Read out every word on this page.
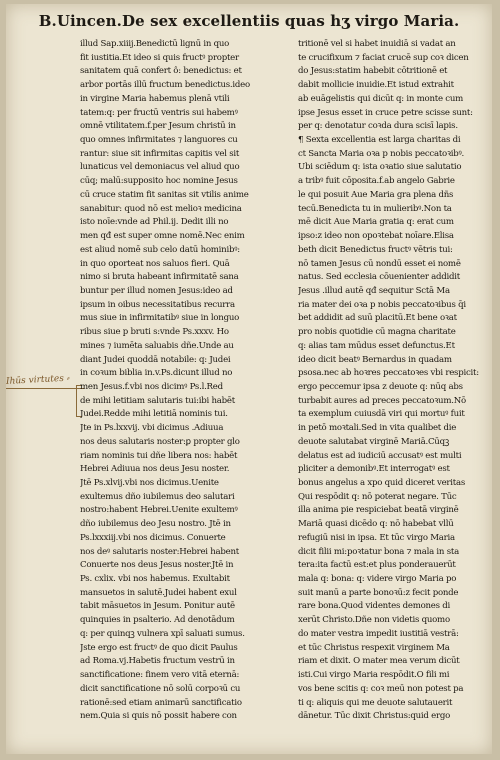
B.Uincen.De sex excellentiis quas hʒ virgo Maria.
Ihūs virtutes ⸗
illud Sap.xiiij.Benedictū lignū in quo
fit iustitia.Et ideo si quis fructꝰ propter
sanitatem quā confert ô: benedictus: et
arbor portās illū fructum benedictus.ideo
in virgine Maria habemus plenā vtili
tatem:q: per fructū ventris sui habemꝰ
omnē vtilitatem.f.per Jesum christū in
quo omnes infirmitates ⁊ languores cu
rantur: siue sit infirmitas capitis vel sit
lunaticus vel demoniacus vel aliud quo
cūq; malū:supposito hoc nomine Jesus
cū cruce statim fit sanitas sit vtilis anime
sanabitur: quod nō est melioꝛ medicina
isto noīe:vnde ad Phil.ij. Dedit illi no
men qđ est super omne nomē.Nec enim
est aliud nomē sub celo datū hominibꝰ:
in quo oporteat nos saluos fieri. Quā
nimo si bruta habeant infirmitatē sana
buntur per illud nomen Jesus:ideo ad
ipsum in oibus necessitatibus recurra
mus siue in infirmitatibꝰ siue in longuo
ribus siue p bruti s:vnde Ps.xxxv. Ho
mines ⁊ iumēta saluabis dñe.Unde au
diant Judei quoddā notabile: q: Judei
in coꝛum biblia in.v.Ps.dicunt illud no
men Jesus.f.vbi nos dicimꝰ Ps.l.Red
de mihi letitiam salutaris tui:ibi habēt
Judei.Redde mihi letitiā nominis tui.
Jte in Ps.lxxvij. vbi dicimus .Adiuua
nos deus salutaris noster:ꝑ propter glo
riam nominis tui dñe libera nos: habēt
Hebrei Adiuua nos deus Jesu noster.
Jtē Ps.xlvij.vbi nos dicimus.Uenite
exultemus dño iubilemus deo salutari
nostro:habent Hebrei.Uenite exultemꝰ
dño iubilemus deo Jesu nostro. Jtē in
Ps.lxxxiij.vbi nos dicimus. Conuerte
nos deꝰ salutaris noster:Hebrei habent
Conuerte nos deus Jesus noster.Jtē in
Ps. cxlix. vbi nos habemus. Exultabit
mansuetos in salutē.Judei habent exul
tabit māsuetos in Jesum. Ponitur autē
quinquies in psalterio. Ad denotādum
q: per quinqꝫ vulnera xpī saluati sumus.
Jste ergo est fructꝰ de quo dicit Paulus
ad Roma.vj.Habetis fructum vestrū in
sanctificatione: finem vero vitā eternā:
dicit sanctificatione nō solū corpoꝛū cu
rationē:sed etiam animarū sanctificatio
nem.Quia si quis nō possit habere con
tritionē vel si habet inuidiā si vadat an
te crucifixum ⁊ faciat crucē sup coꝛ dicen
do Jesus:statim habebit cōtritionē et
dabit mollicie inuidie.Et istud extrahit
ab euāgelistis qui dicūt q: in monte cum
ipse Jesus esset in cruce petre scisse sunt:
per q: denotatur coꝛda dura scisī lapis.
¶ Sexta excellentia est larga charitas di
ct Sancta Maria oꝛa p nobis peccatoꝛibꝰ.
Ubi sciēdum q: ista oꝛatio siue salutatio
a tribꝰ fuit cōposita.f.ab angelo Gabrie
le qui posuit Aue Maria gra plena dñs
tecū.Benedicta tu in mulieribꝰ.Non ta
mē dicit Aue Maria gratia q: erat cum
ipso:z ideo non opoꝛtebat noīare.Elisa
beth dicit Benedictus fructꝰ vētris tui:
nō tamen Jesus cū nondū esset ei nomē
natus. Sed ecclesia cōuenienter addidit
Jesus .illud autē qđ sequitur Sctā Ma
ria mater dei oꝛa p nobis peccatoꝛibus q̄i
bet addidit ad suū placitū.Et bene oꝛat
pro nobis quotidie cū magna charitate
q: alias tam mūdus esset defunctus.Et
ideo dicit beatꝰ Bernardus in quadam
psosa.nec ab hoꝛres peccatoꝛes vbi respicit:
ergo peccemur ipsa z deuote q: nūq abs
turbabit aures ad preces peccatoꝛum.Nō
ta exemplum cuiusdā viri qui mortuꝰ fuit
in petō moꝛtali.Sed in vita qualibet die
deuote salutabat virginē Mariā.Cūqꝫ
delatus est ad iudiciū accusatꝰ est multi
pliciter a demonibꝰ.Et interrogatꝰ est
bonus angelus a xpo quid diceret veritas
Qui respōdit q: nō poterat negare. Tūc
illa anima pie respiciebat beatā virginē
Mariā quasi dicēdo q: nō habebat vllū
refugiū nisi in ipsa. Et tūc virgo Maria
dicit filii mi:poꝛtatur bona ⁊ mala in sta
tera:ita factū est:et plus ponderauerūt
mala q: bona: q: videre virgo Maria po
suit manū a parte bonoꝛū:z fecit ponde
rare bona.Quod videntes demones di
xerūt Christo.Dñe non videtis quomo
do mater vestra impedit iustitiā vestrā:
et tūc Christus respexit virginem Ma
riam et dixit. O mater mea verum dicūt
isti.Cui virgo Maria respōdit.O fili mi
vos bene scitis q: coꝛ meū non potest pa
ti q: aliquis qui me deuote salutauerit
dānetur. Tūc dixit Christus:quid ergo
